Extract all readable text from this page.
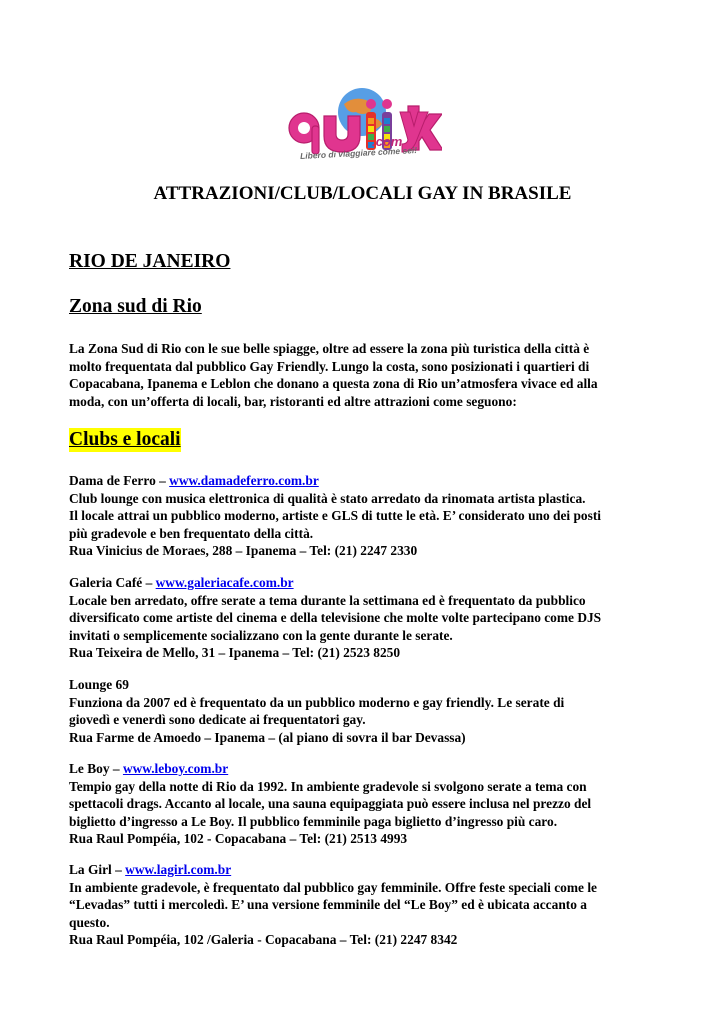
.com
Libero di viaggiare come sei!
ATTRAZIONI/CLUB/LOCALI GAY IN BRASILE
RIO DE JANEIRO
Zona sud di Rio
La Zona Sud di Rio con le sue belle spiagge, oltre ad essere la zona più turistica della città è
molto frequentata dal pubblico Gay Friendly. Lungo la costa, sono posizionati i quartieri di
Copacabana, Ipanema e Leblon che donano a questa zona di Rio un’atmosfera vivace ed alla
moda, con un’offerta di locali, bar, ristoranti ed altre attrazioni come seguono:
Clubs e locali
Dama de Ferro – www.damadeferro.com.br
Club lounge con musica elettronica di qualità è stato arredato da rinomata artista plastica.
Il locale attrai un pubblico moderno, artiste e GLS di tutte le età. E’ considerato uno dei posti
più gradevole e ben frequentato della città.
Rua Vinicius de Moraes, 288 – Ipanema – Tel: (21) 2247 2330
Galeria Café – www.galeriacafe.com.br
Locale ben arredato, offre serate a tema durante la settimana ed è frequentato da pubblico
diversificato come artiste del cinema e della televisione che molte volte partecipano come DJS
invitati o semplicemente socializzano con la gente durante le serate.
Rua Teixeira de Mello, 31 – Ipanema – Tel: (21) 2523 8250
Lounge 69
Funziona da 2007 ed è frequentato da un pubblico moderno e gay friendly. Le serate di
giovedì e venerdì sono dedicate ai frequentatori gay.
Rua Farme de Amoedo – Ipanema – (al piano di sovra il bar Devassa)
Le Boy – www.leboy.com.br
Tempio gay della notte di Rio da 1992. In ambiente gradevole si svolgono serate a tema con
spettacoli drags. Accanto al locale, una sauna equipaggiata può essere inclusa nel prezzo del
biglietto d’ingresso a Le Boy. Il pubblico femminile paga biglietto d’ingresso più caro.
Rua Raul Pompéia, 102 - Copacabana – Tel: (21) 2513 4993
La Girl – www.lagirl.com.br
In ambiente gradevole, è frequentato dal pubblico gay femminile. Offre feste speciali come le
“Levadas” tutti i mercoledì. E’ una versione femminile del “Le Boy” ed è ubicata accanto a
questo.
Rua Raul Pompéia, 102 /Galeria - Copacabana – Tel: (21) 2247 8342
